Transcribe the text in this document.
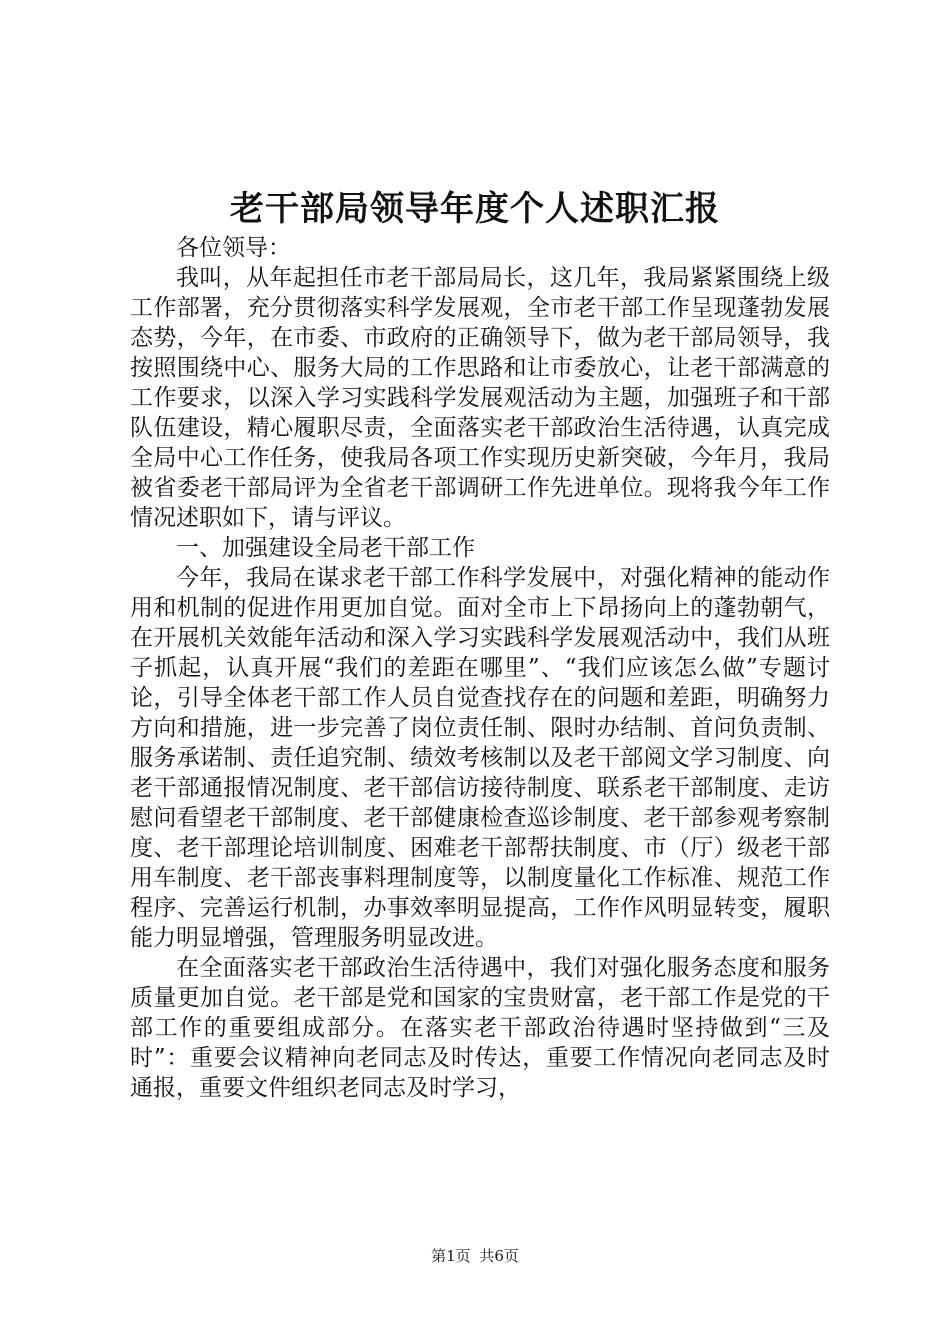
老干部局领导年度个人述职汇报

各位领导：

我叫，从年起担任市老干部局局长，这几年，我局紧紧围绕上级工作部署，充分贯彻落实科学发展观，全市老干部工作呈现蓬勃发展态势，今年，在市委、市政府的正确领导下，做为老干部局领导，我按照围绕中心、服务大局的工作思路和让市委放心，让老干部满意的工作要求，以深入学习实践科学发展观活动为主题，加强班子和干部队伍建设，精心履职尽责，全面落实老干部政治生活待遇，认真完成全局中心工作任务，使我局各项工作实现历史新突破，今年月，我局被省委老干部局评为全省老干部调研工作先进单位。现将我今年工作情况述职如下，请与评议。

一、加强建设全局老干部工作

今年，我局在谋求老干部工作科学发展中，对强化精神的能动作用和机制的促进作用更加自觉。面对全市上下昂扬向上的蓬勃朝气，在开展机关效能年活动和深入学习实践科学发展观活动中，我们从班子抓起，认真开展“我们的差距在哪里”、“我们应该怎么做”专题讨论，引导全体老干部工作人员自觉查找存在的问题和差距，明确努力方向和措施，进一步完善了岗位责任制、限时办结制、首问负责制、服务承诺制、责任追究制、绩效考核制以及老干部阅文学习制度、向老干部通报情况制度、老干部信访接待制度、联系老干部制度、走访慰问看望老干部制度、老干部健康检查巡诊制度、老干部参观考察制度、老干部理论培训制度、困难老干部帮扶制度、市（厅）级老干部用车制度、老干部丧事料理制度等，以制度量化工作标准、规范工作程序、完善运行机制，办事效率明显提高，工作作风明显转变，履职能力明显增强，管理服务明显改进。

在全面落实老干部政治生活待遇中，我们对强化服务态度和服务质量更加自觉。老干部是党和国家的宝贵财富，老干部工作是党的干部工作的重要组成部分。在落实老干部政治待遇时坚持做到“三及时”：重要会议精神向老同志及时传达，重要工作情况向老同志及时通报，重要文件组织老同志及时学习，

第1页 共6页
